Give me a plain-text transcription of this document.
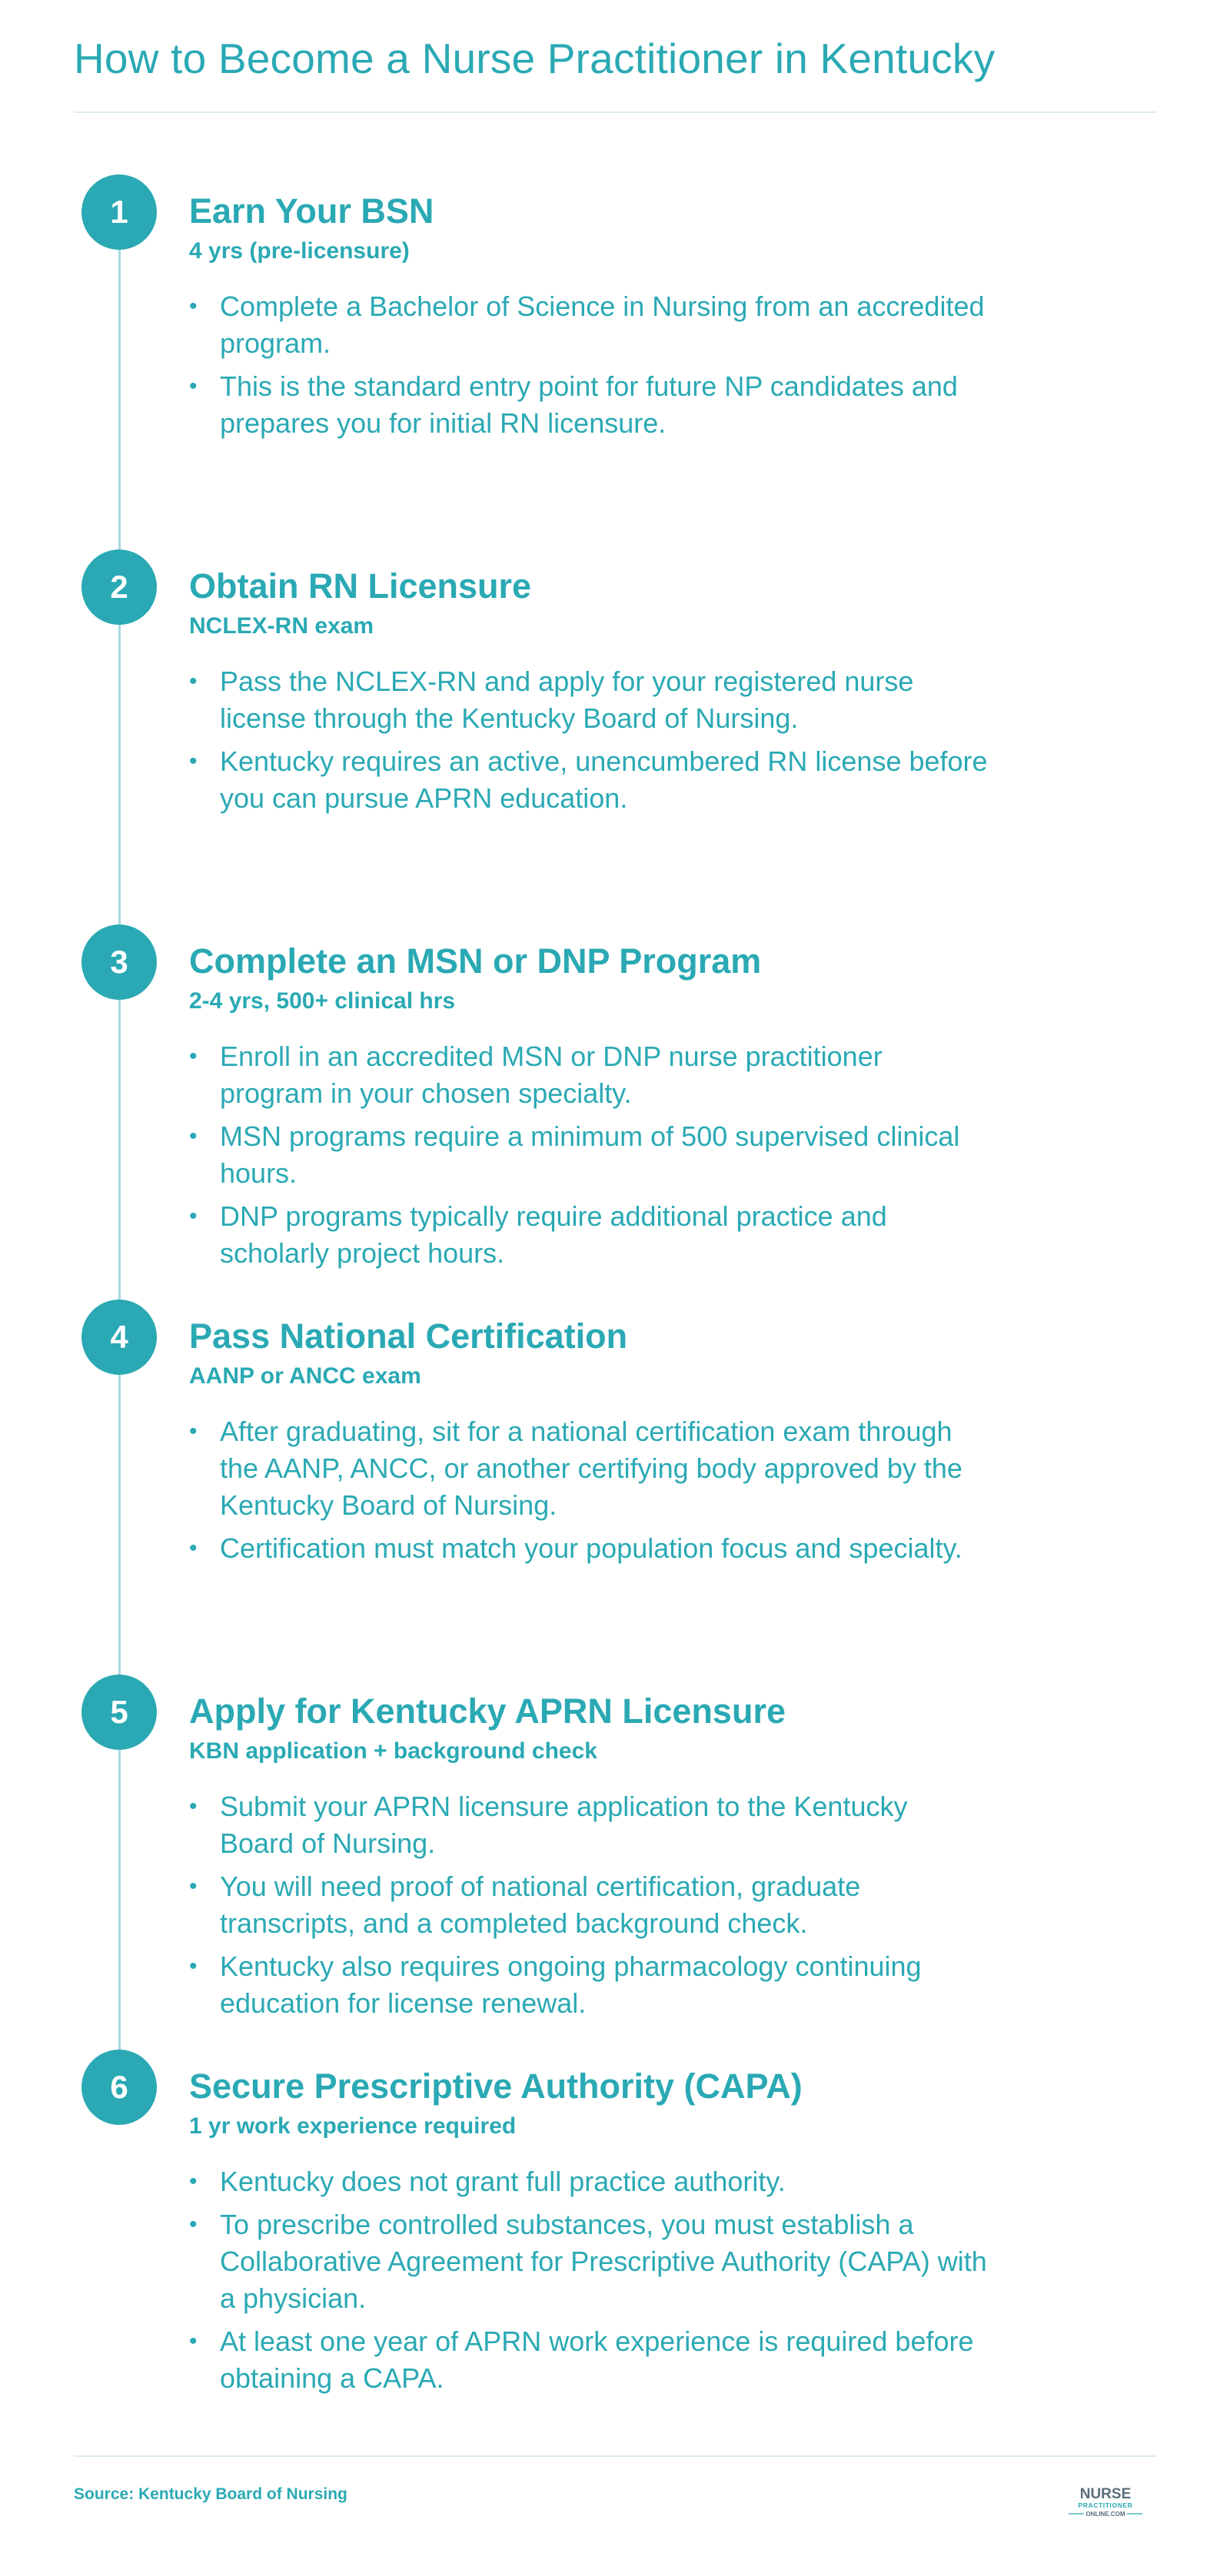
How to Become a Nurse Practitioner in Kentucky
1	Earn Your BSN

4 yrs (pre-licensure)

• Complete a Bachelor of Science in Nursing from an accredited program.
• This is the standard entry point for future NP candidates and prepares you for initial RN licensure.
2	Obtain RN Licensure

NCLEX-RN exam

• Pass the NCLEX-RN and apply for your registered nurse license through the Kentucky Board of Nursing.
• Kentucky requires an active, unencumbered RN license before you can pursue APRN education.
3	Complete an MSN or DNP Program

2-4 yrs, 500+ clinical hrs

• Enroll in an accredited MSN or DNP nurse practitioner program in your chosen specialty.
• MSN programs require a minimum of 500 supervised clinical hours.
• DNP programs typically require additional practice and scholarly project hours.
4	Pass National Certification

AANP or ANCC exam

• After graduating, sit for a national certification exam through the AANP, ANCC, or another certifying body approved by the Kentucky Board of Nursing.
• Certification must match your population focus and specialty.
5	Apply for Kentucky APRN Licensure

KBN application + background check

• Submit your APRN licensure application to the Kentucky Board of Nursing.
• You will need proof of national certification, graduate transcripts, and a completed background check.
• Kentucky also requires ongoing pharmacology continuing education for license renewal.
6	Secure Prescriptive Authority (CAPA)

1 yr work experience required

• Kentucky does not grant full practice authority.
• To prescribe controlled substances, you must establish a Collaborative Agreement for Prescriptive Authority (CAPA) with a physician.
• At least one year of APRN work experience is required before obtaining a CAPA.
Source: Kentucky Board of Nursing	NURSE
PRACTITIONER
ONLINE.COM
